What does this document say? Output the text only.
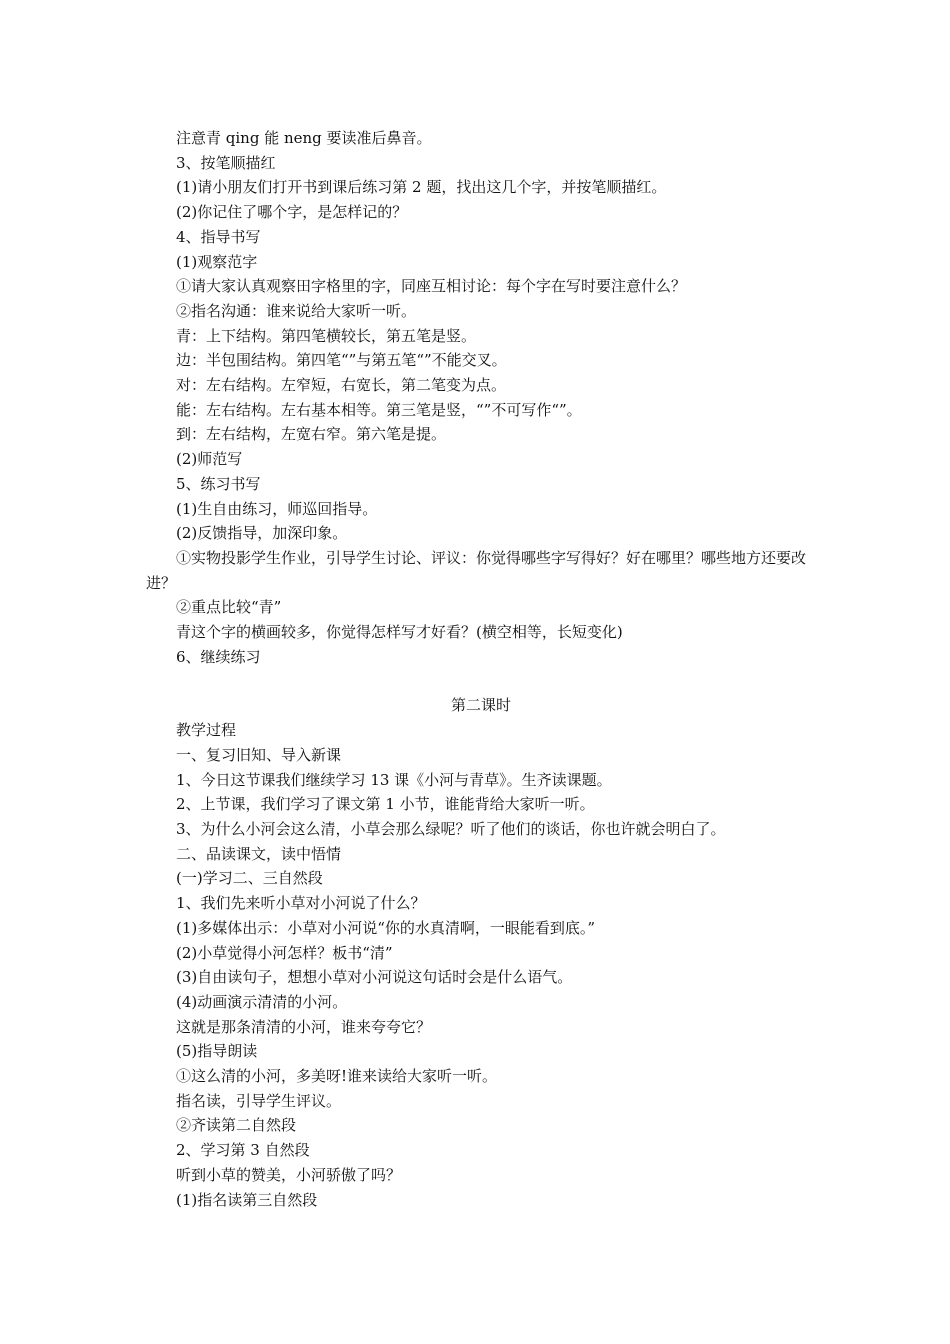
注意青 qing 能 neng 要读准后鼻音。

3、按笔顺描红

(1)请小朋友们打开书到课后练习第 2 题，找出这几个字，并按笔顺描红。

(2)你记住了哪个字，是怎样记的？

4、指导书写

(1)观察范字

①请大家认真观察田字格里的字，同座互相讨论：每个字在写时要注意什么？

②指名沟通：谁来说给大家听一听。

青：上下结构。第四笔横较长，第五笔是竖。

边：半包围结构。第四笔“”与第五笔“”不能交叉。

对：左右结构。左窄短，右宽长，第二笔变为点。

能：左右结构。左右基本相等。第三笔是竖，“”不可写作“”。

到：左右结构，左宽右窄。第六笔是提。

(2)师范写

5、练习书写

(1)生自由练习，师巡回指导。

(2)反馈指导，加深印象。

①实物投影学生作业，引导学生讨论、评议：你觉得哪些字写得好？好在哪里？哪些地方还要改进？

②重点比较“青”

青这个字的横画较多，你觉得怎样写才好看？(横空相等，长短变化)

6、继续练习

第二课时

教学过程

一、复习旧知、导入新课

1、今日这节课我们继续学习 13 课《小河与青草》。生齐读课题。

2、上节课，我们学习了课文第 1 小节，谁能背给大家听一听。

3、为什么小河会这么清，小草会那么绿呢？听了他们的谈话，你也许就会明白了。

二、品读课文，读中悟情

(一)学习二、三自然段

1、我们先来听小草对小河说了什么？

(1)多媒体出示：小草对小河说“你的水真清啊，一眼能看到底。”

(2)小草觉得小河怎样？板书“清”

(3)自由读句子，想想小草对小河说这句话时会是什么语气。

(4)动画演示清清的小河。

这就是那条清清的小河，谁来夸夸它？

(5)指导朗读

①这么清的小河，多美呀!谁来读给大家听一听。

指名读，引导学生评议。

②齐读第二自然段

2、学习第 3 自然段

听到小草的赞美，小河骄傲了吗？

(1)指名读第三自然段
